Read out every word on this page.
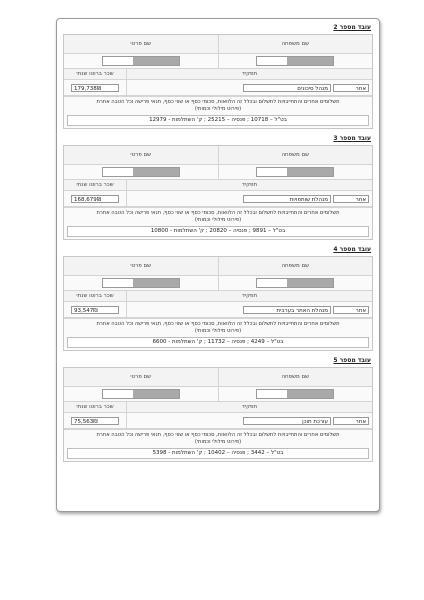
עובד מספר 2
שם משפחה
שם פרטי
תפקיד
שכר ברוטו שנתי
אחר
מנהל סיכונים
179,738₪
תשלומים אחרים והתחייבויות לתשלום ובכלל זה הלוואות, סכומי כסף או שווי כסף, תנאי פרישה וכל הטבה אחרת
(פירוט מילולי וכמותי)
בט"ל – 10718 ; פנסיה – 25215 ; ק' השתלמות - 12979
עובד מספר 3
שם משפחה
שם פרטי
תפקיד
שכר ברוטו שנתי
אחר
מנהלת שותפויות
168,679₪
תשלומים אחרים והתחייבויות לתשלום ובכלל זה הלוואות, סכומי כסף או שווי כסף, תנאי פרישה וכל הטבה אחרת
(פירוט מילולי וכמותי)
בט"ל – 9891 ; פנסיה – 20820 ; ק' השתלמות - 10800
עובד מספר 4
שם משפחה
שם פרטי
תפקיד
שכר ברוטו שנתי
אחר
מנהלת האתר בערבית
93,547₪
תשלומים אחרים והתחייבויות לתשלום ובכלל זה הלוואות, סכומי כסף או שווי כסף, תנאי פרישה וכל הטבה אחרת
(פירוט מילולי וכמותי)
בט"ל – 4249 ; פנסיה – 11732 ; ק' השתלמות - 6600
עובד מספר 5
שם משפחה
שם פרטי
תפקיד
שכר ברוטו שנתי
אחר
עורכת תוכן
75,563₪
תשלומים אחרים והתחייבויות לתשלום ובכלל זה הלוואות, סכומי כסף או שווי כסף, תנאי פרישה וכל הטבה אחרת
(פירוט מילולי וכמותי)
בט"ל – 3442 ; פנסיה – 10402 ; ק' השתלמות - 5398
